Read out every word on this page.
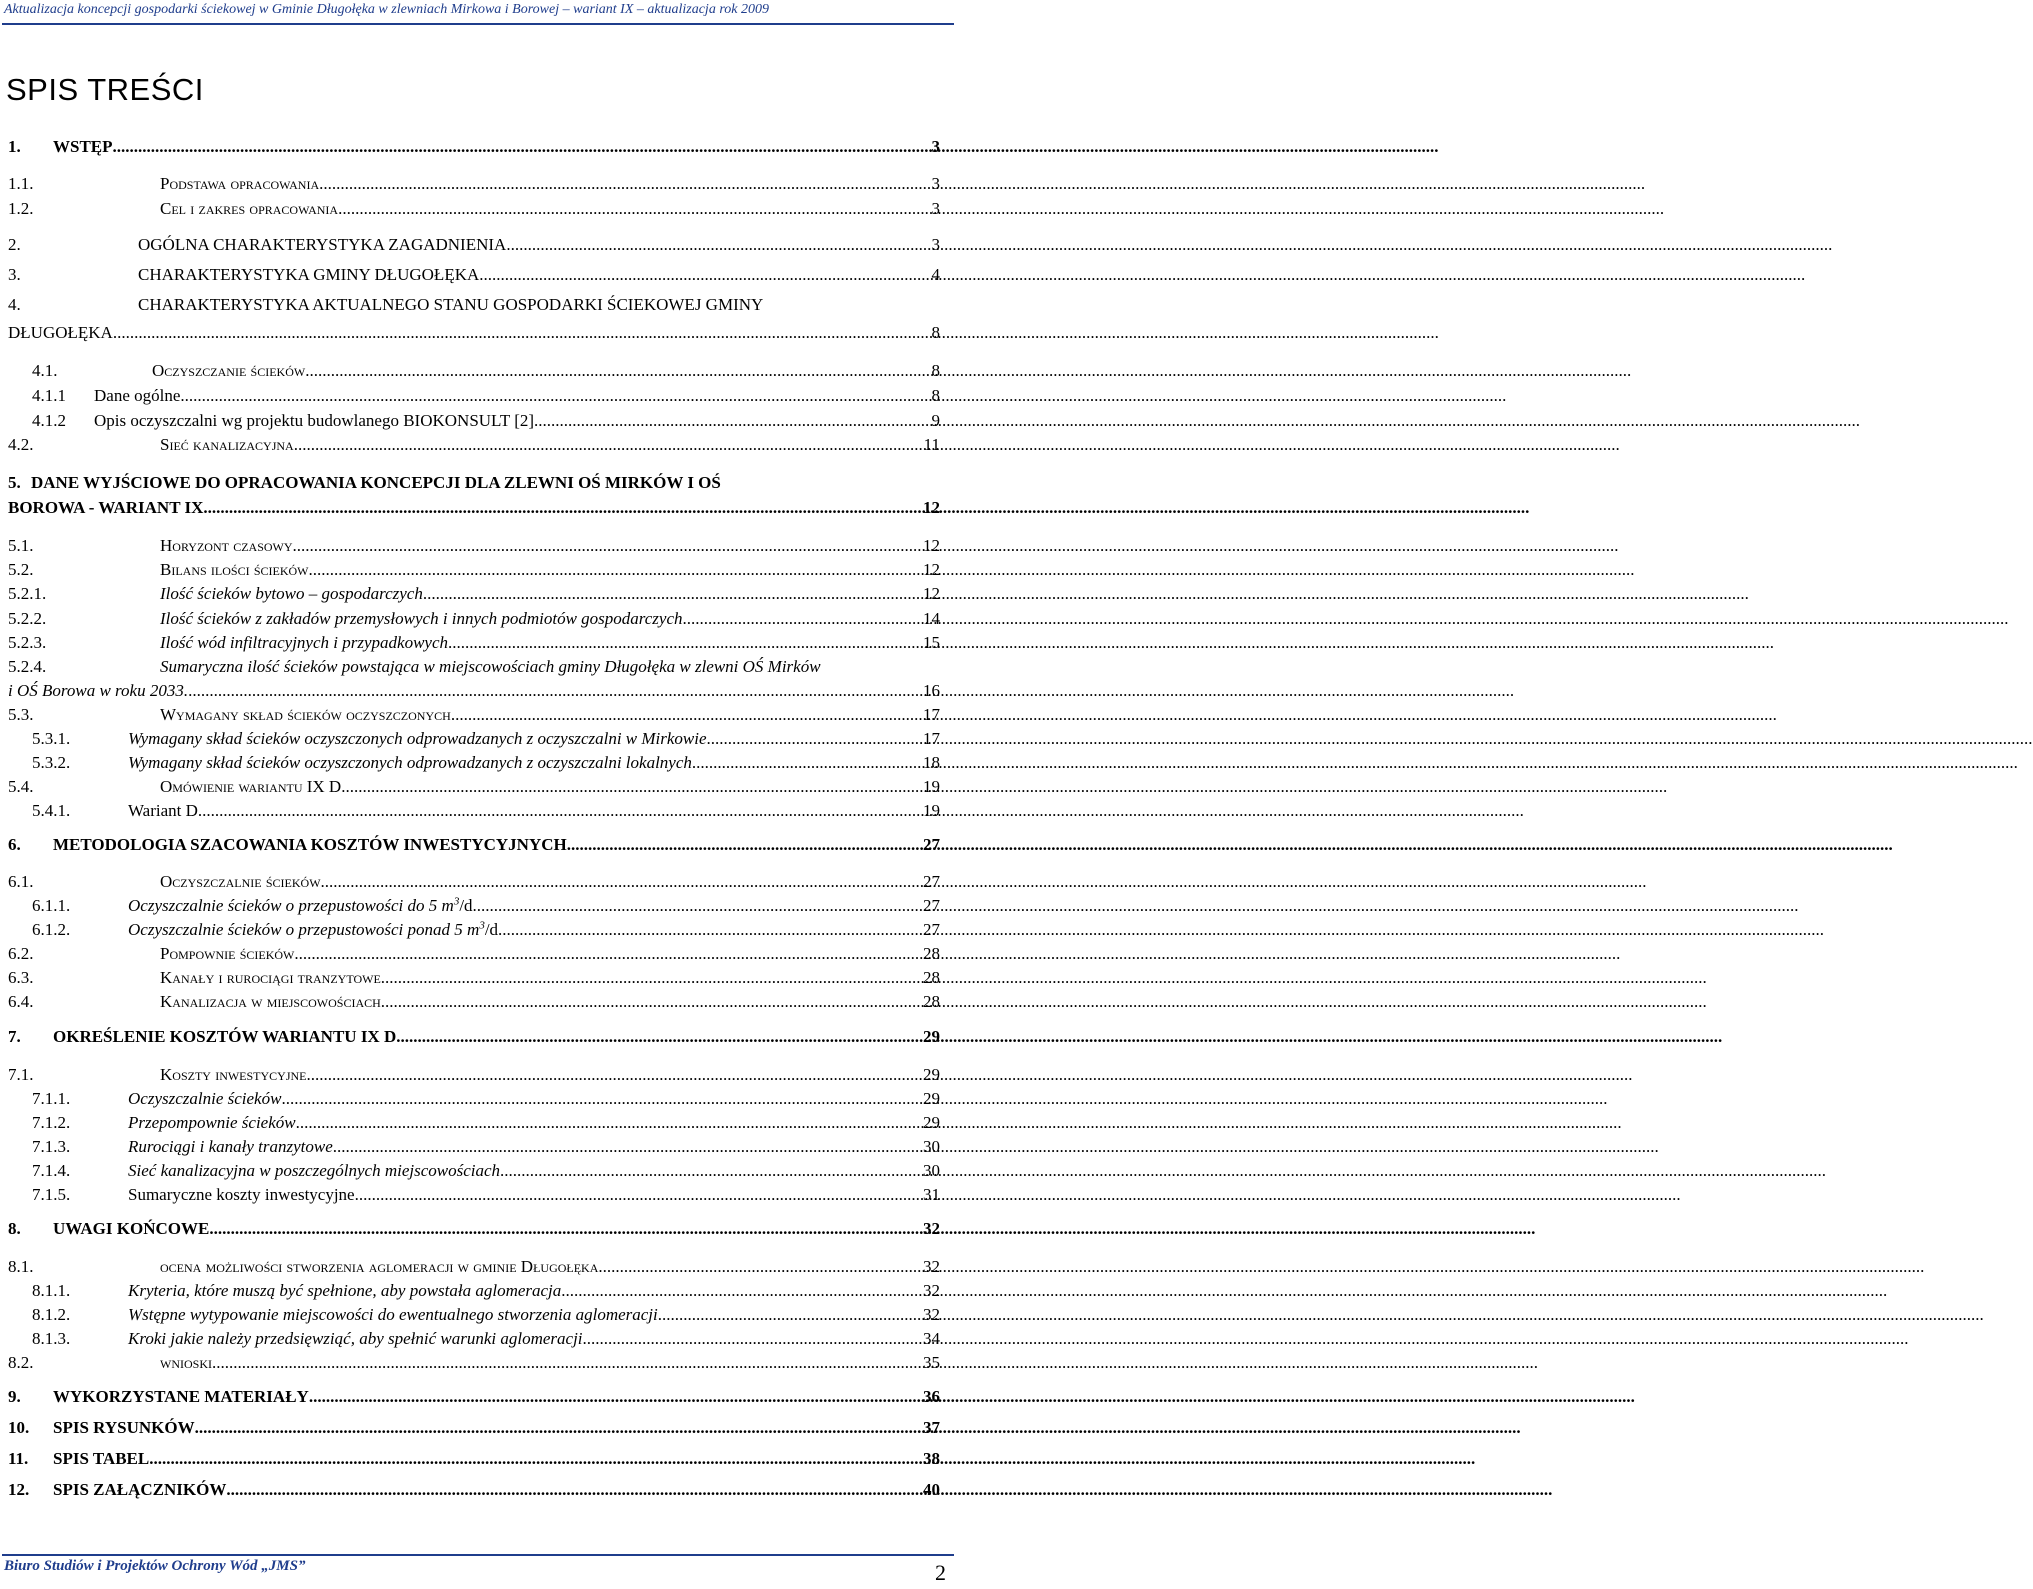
Aktualizacja koncepcji gospodarki ściekowej w Gminie Długołęka w zlewniach Mirkowa i Borowej – wariant IX – aktualizacja rok 2009
SPIS TREŚCI
1.	WSTĘP .....	3
1.1.	Podstawa opracowania .....	3
1.2.	Cel i zakres opracowania .....	3
2.	OGÓLNA CHARAKTERYSTYKA ZAGADNIENIA .....	3
3.	CHARAKTERYSTYKA GMINY DŁUGOŁĘKA .....	4
4.	CHARAKTERYSTYKA AKTUALNEGO STANU GOSPODARKI ŚCIEKOWEJ GMINY
DŁUGOŁĘKA .....	8
4.1.	Oczyszczanie ścieków .....	8
4.1.1	Dane ogólne .....	8
4.1.2	Opis oczyszczalni wg projektu budowlanego BIOKONSULT [2] .....	9
4.2.	Sieć kanalizacyjna .....	11
5. DANE WYJŚCIOWE DO OPRACOWANIA KONCEPCJI DLA ZLEWNI OŚ MIRKÓW I OŚ
BOROWA - WARIANT IX .....	12
5.1.	Horyzont czasowy .....	12
5.2.	Bilans ilości ścieków .....	12
5.2.1.	Ilość ścieków bytowo – gospodarczych .....	12
5.2.2.	Ilość ścieków z zakładów przemysłowych i innych podmiotów gospodarczych .....	14
5.2.3.	Ilość wód infiltracyjnych i przypadkowych .....	15
5.2.4.	Sumaryczna ilość ścieków powstająca w miejscowościach gminy Długołęka w zlewni OŚ Mirków
i OŚ Borowa w roku 2033. .....	16
5.3.	Wymagany skład ścieków oczyszczonych .....	17
5.3.1.	Wymagany skład ścieków oczyszczonych odprowadzanych z oczyszczalni w Mirkowie .....	17
5.3.2.	Wymagany skład ścieków oczyszczonych odprowadzanych z oczyszczalni lokalnych .....	18
5.4.	Omówienie wariantu IX D .....	19
5.4.1.	Wariant D .....	19
6.	METODOLOGIA SZACOWANIA KOSZTÓW INWESTYCYJNYCH .....	27
6.1.	Oczyszczalnie ścieków .....	27
6.1.1.	Oczyszczalnie ścieków o przepustowości do 5 $m^3/d$ .....	27
6.1.2.	Oczyszczalnie ścieków o przepustowości ponad 5 $m^3/d$ .....	27
6.2.	Pompownie ścieków .....	28
6.3.	Kanały i rurociągi tranzytowe .....	28
6.4.	Kanalizacja w miejscowościach .....	28
7.	OKREŚLENIE KOSZTÓW WARIANTU IX D .....	29
7.1.	Koszty inwestycyjne .....	29
7.1.1.	Oczyszczalnie ścieków .....	29
7.1.2.	Przepompownie ścieków .....	29
7.1.3.	Rurociągi i kanały tranzytowe .....	30
7.1.4.	Sieć kanalizacyjna w poszczególnych miejscowościach .....	30
7.1.5.	Sumaryczne koszty inwestycyjne .....	31
8.	UWAGI KOŃCOWE .....	32
8.1.	ocena możliwości stworzenia aglomeracji w gminie Długołęka .....	32
8.1.1.	Kryteria, które muszą być spełnione, aby powstała aglomeracja .....	32
8.1.2.	Wstępne wytypowanie miejscowości do ewentualnego stworzenia aglomeracji .....	32
8.1.3.	Kroki jakie należy przedsięwziąć, aby spełnić warunki aglomeracji .....	34
8.2.	wnioski .....	35
9.	WYKORZYSTANE MATERIAŁY .....	36
10.	SPIS RYSUNKÓW .....	37
11.	SPIS TABEL .....	38
12.	SPIS ZAŁĄCZNIKÓW .....	40
Biuro Studiów i Projektów Ochrony Wód „JMS”	2
